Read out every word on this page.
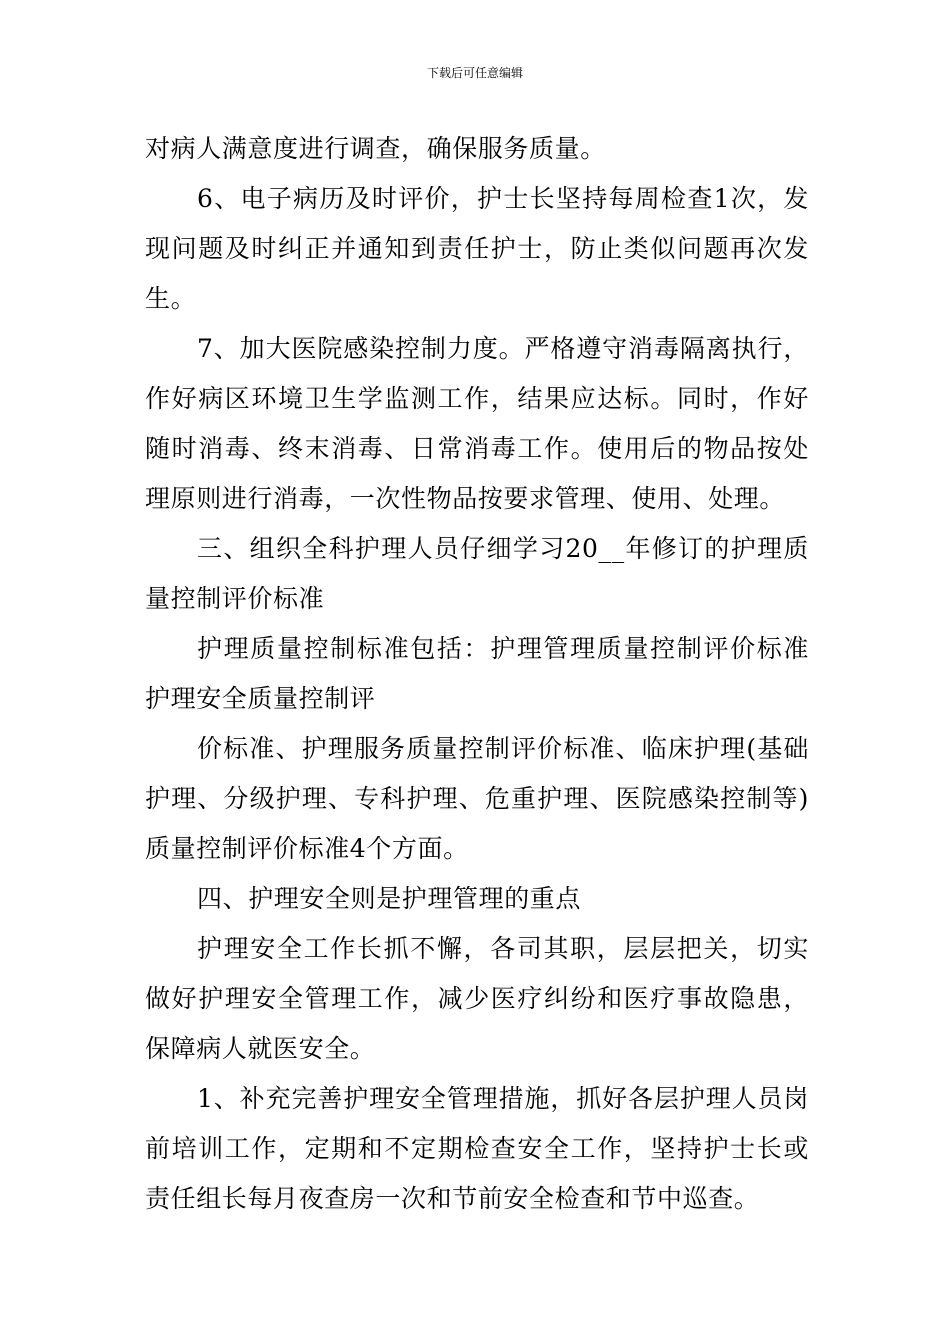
下载后可任意编辑

对病人满意度进行调查，确保服务质量。

6、电子病历及时评价，护士长坚持每周检查1次，发现问题及时纠正并通知到责任护士，防止类似问题再次发生。

7、加大医院感染控制力度。严格遵守消毒隔离执行，作好病区环境卫生学监测工作，结果应达标。同时，作好随时消毒、终末消毒、日常消毒工作。使用后的物品按处理原则进行消毒，一次性物品按要求管理、使用、处理。

三、组织全科护理人员仔细学习20__年修订的护理质量控制评价标准

护理质量控制标准包括：护理管理质量控制评价标准护理安全质量控制评

价标准、护理服务质量控制评价标准、临床护理(基础护理、分级护理、专科护理、危重护理、医院感染控制等)质量控制评价标准4个方面。

四、护理安全则是护理管理的重点

护理安全工作长抓不懈，各司其职，层层把关，切实做好护理安全管理工作，减少医疗纠纷和医疗事故隐患，保障病人就医安全。

1、补充完善护理安全管理措施，抓好各层护理人员岗前培训工作，定期和不定期检查安全工作，坚持护士长或责任组长每月夜查房一次和节前安全检查和节中巡查。
